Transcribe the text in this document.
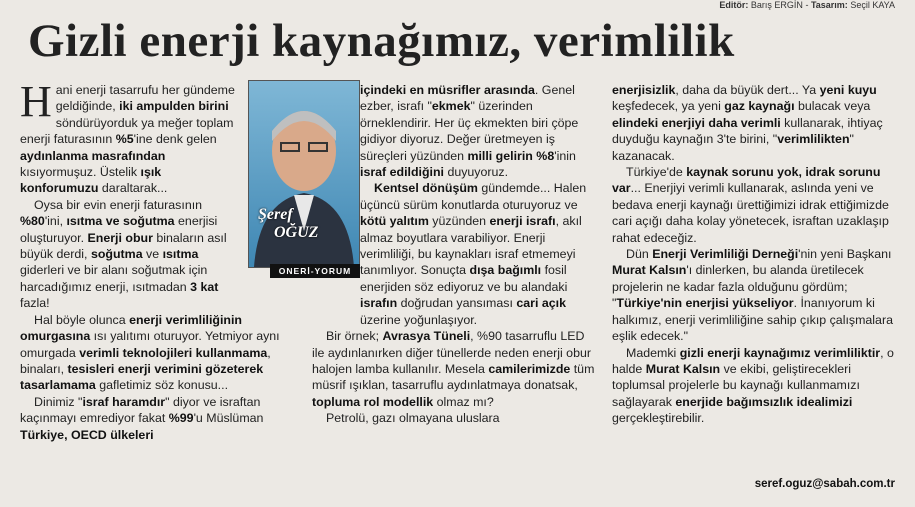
Editör: Barış ERGİN - Tasarım: Seçil KAYA
Gizli enerji kaynağımız, verimlilik

Hani enerji tasarrufu her gündeme geldiğinde, iki ampulden birini söndürüyorduk ya meğer toplam enerji faturasının %5'ine denk gelen aydınlanma masrafından kısıyormuşuz. Üstelik ışık konforumuzu daraltarak...

Oysa bir evin enerji faturasının %80'ini, ısıtma ve soğutma enerjisi oluşturuyor. Enerji obur binaların asıl büyük derdi, soğutma ve ısıtma giderleri ve bir alanı soğutmak için harcadığımız enerji, ısıtmadan 3 kat fazla!

Hal böyle olunca enerji verimliliğinin omurgasına ısı yalıtımı oturuyor. Yetmiyor aynı omurgada verimli teknolojileri kullanmama, binaları, tesisleri enerji verimini gözeterek tasarlamama gafletimiz söz konusu...

Dinimiz "israf haramdır" diyor ve israftan kaçınmayı emrediyor fakat %99'u Müslüman Türkiye, OECD ülkeleri

Şeref
OĞUZ
ONERİ-YORUM

içindeki en müsrifler arasında. Genel ezber, israfı "ekmek" üzerinden örneklendirir. Her üç ekmekten biri çöpe gidiyor diyoruz. Değer üretmeyen iş süreçleri yüzünden milli gelirin %8'inin israf edildiğini duyuyoruz.

Kentsel dönüşüm gündemde... Halen üçüncü sürüm konutlarda oturuyoruz ve kötü yalıtım yüzünden enerji israfı, akıl almaz boyutlara varabiliyor. Enerji verimliliği, bu kaynakları israf etmemeyi tanımlıyor. Sonuçta dışa bağımlı fosil enerjiden söz ediyoruz ve bu alandaki israfın doğrudan yansıması cari açık üzerine yoğunlaşıyor.

Bir örnek; Avrasya Tüneli, %90 tasarruflu LED ile aydınlanırken diğer tünellerde neden enerji obur halojen lamba kullanılır. Mesela camilerimizde tüm müsrif ışıklan, tasarruflu aydınlatmaya donatsak, topluma rol modellik olmaz mı?

Petrolü, gazı olmayana uluslara

enerjisizlik, daha da büyük dert... Ya yeni kuyu keşfedecek, ya yeni gaz kaynağı bulacak veya elindeki enerjiyi daha verimli kullanarak, ihtiyaç duyduğu kaynağın 3'te birini, "verimlilikten" kazanacak.

Türkiye'de kaynak sorunu yok, idrak sorunu var... Enerjiyi verimli kullanarak, aslında yeni ve bedava enerji kaynağı ürettiğimizi idrak ettiğimizde cari açığı daha kolay yönetecek, israftan uzaklaşıp rahat edeceğiz.

Dün Enerji Verimliliği Derneği'nin yeni Başkanı Murat Kalsın'ı dinlerken, bu alanda üretilecek projelerin ne kadar fazla olduğunu gördüm; "Türkiye'nin enerjisi yükseliyor. İnanıyorum ki halkımız, enerji verimliliğine sahip çıkıp çalışmalara eşlik edecek."

Mademki gizli enerji kaynağımız verimliliktir, o halde Murat Kalsın ve ekibi, geliştirecekleri toplumsal projelerle bu kaynağı kullanmamızı sağlayarak enerjide bağımsızlık idealimizi gerçekleştirebilir.

seref.oguz@sabah.com.tr
